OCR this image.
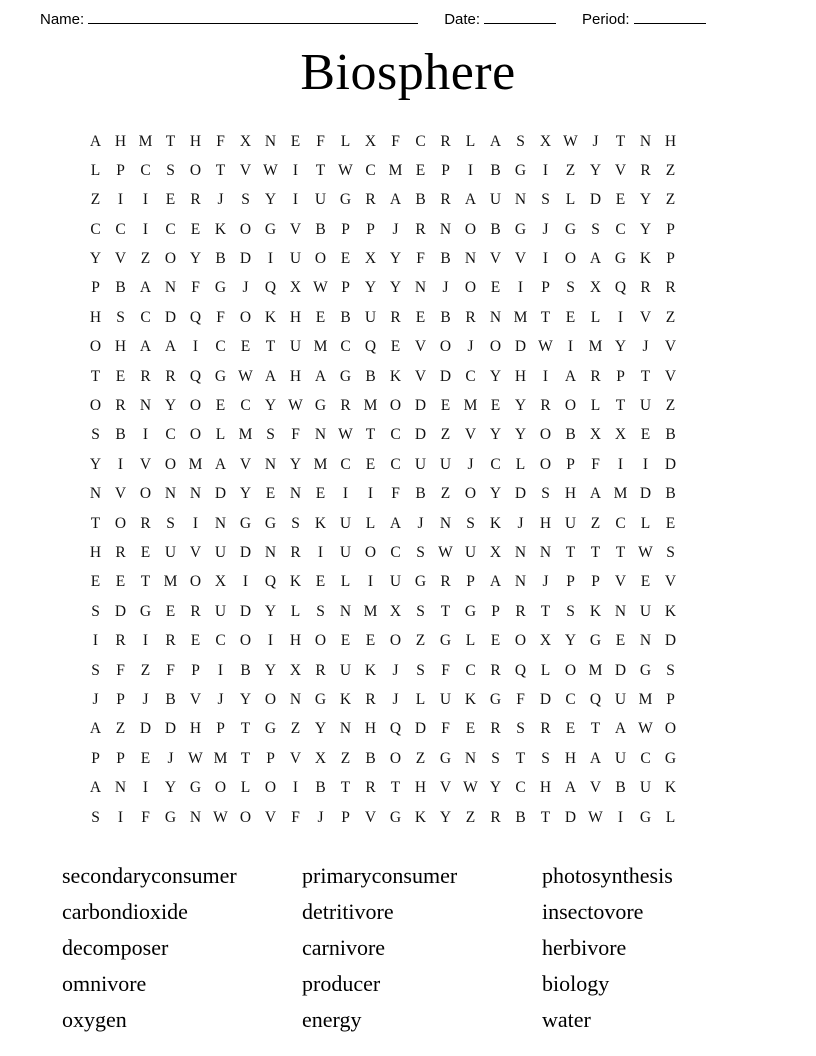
Name:	Date:	Period:
Biosphere
A H M T H F X N E	F	L X F	C R L A S X W J	T N H
L	P	C	S O T V W I	T W C M E	P	I	B G	I	Z Y V R Z
Z	I	I	E R	J	S Y	I	U G R A B R A U N S	L D E Y Z
C C	I	C E K O G V B	P	P	J	R N O B G	J	G S	C Y P
Y V Z O Y B D	I	U O E X Y F	B N V V	I	O A G K P
P	B A N F G	J	Q X W P Y Y N	J	O E	I	P	S X Q R R
H S	C D Q F O K H E B U R E B R N M T	E	L	I	V Z
O H A A	I	C E	T U M C Q E V O	J	O D W I	M Y	J	V
T	E R R Q G W A H A G B K V D C Y H	I	A R	P	T V
O R N Y O E C Y W G R M O D E M E Y R O L	T U Z
S	B	I	C O L M S	F N W T C D Z V Y Y O B X X E B
Y	I	V O M A V N Y M C E C U U	J	C L O P	F	I	I	D
N V O N N D Y E N E	I	I	F	B Z O Y D S H A M D B
T O R	S	I	N G G S K U L A	J	N S K	J	H U Z C L	E
H R E U V U D N R	I	U O C	S W U X N N T	T	T W S
E	E	T M O X	I	Q K E	L	I	U G R	P A N	J	P	P V E V
S D G E R U D Y L	S N M X S	T G P	R T	S K N U K
I	R	I	R E C O	I	H O E	E O Z G L	E O X Y G E N D
S	F	Z	F	P	I	B Y X R U K	J	S	F	C R Q L O M D G S
J	P	J	B V	J	Y O N G K R	J	L U K G F D C Q U M P
A Z D D H P	T G Z Y N H Q D F	E R	S	R E	T A W O
P	P	E	J W M T	P V X Z B O Z G N S	T	S H A U C G
A N	I	Y G O L O	I	B T R T H V W Y C H A V B U K
S	I	F G N W O V F	J	P V G K Y Z R B T D W I	G L
secondaryconsumer	primaryconsumer	photosynthesis
carbondioxide	detritivore	insectovore
decomposer	carnivore	herbivore
omnivore	producer	biology
oxygen	energy	water
